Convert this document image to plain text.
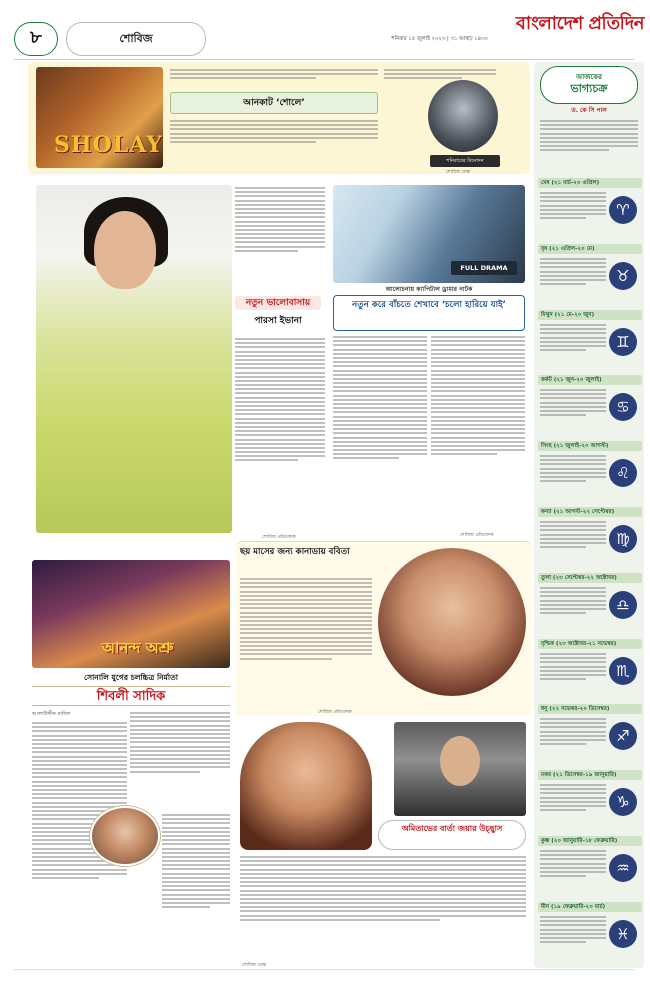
৮	শোবিজ	শনিবার ১৫ জুলাই ২০২৩ | ৩১ আষাঢ় ১৪৩০
বাংলাদেশ প্রতিদিন
SHOLAY
আনকাট ‘শোলে’
শনিবারের বিনোদন
শোবিজ ডেস্ক
নতুন ভালোবাসায়
পারসা ইভানা
শোবিজ প্রতিবেদক
FULL DRAMA
আলোচনায় ক্যাপিটাল ড্রামার নাটক
নতুন করে বাঁচতে শেখাবে ‘চলো হারিয়ে যাই’
শোবিজ প্রতিবেদক
আনন্দ অশ্রু
সোনালি যুগের চলচ্চিত্র নির্মাতা
শিবলী সাদিক
আলাউদ্দীন মাজিদ
ছয় মাসের জন্য কানাডায় ববিতা
শোবিজ প্রতিবেদক
অমিতাভের বার্তা জয়ার উচ্ছ্বাস
শোবিজ ডেস্ক
আজকের
ভাগ্যচক্র
ড. কে সি পাল
মেষ (২১ মার্চ-২০ এপ্রিল)
♈
বৃষ (২১ এপ্রিল-২০ মে)
♉
মিথুন (২১ মে-২০ জুন)
♊
কর্কট (২১ জুন-২০ জুলাই)
♋
সিংহ (২১ জুলাই-২০ আগস্ট)
♌
কন্যা (২১ আগস্ট-২২ সেপ্টেম্বর)
♍
তুলা (২৩ সেপ্টেম্বর-২২ অক্টোবর)
♎
বৃশ্চিক (২৩ অক্টোবর-২১ নভেম্বর)
♏
ধনু (২২ নভেম্বর-২০ ডিসেম্বর)
♐
মকর (২১ ডিসেম্বর-১৯ জানুয়ারি)
♑
কুম্ভ (২০ জানুয়ারি-১৮ ফেব্রুয়ারি)
♒
মীন (১৯ ফেব্রুয়ারি-২০ মার্চ)
♓
